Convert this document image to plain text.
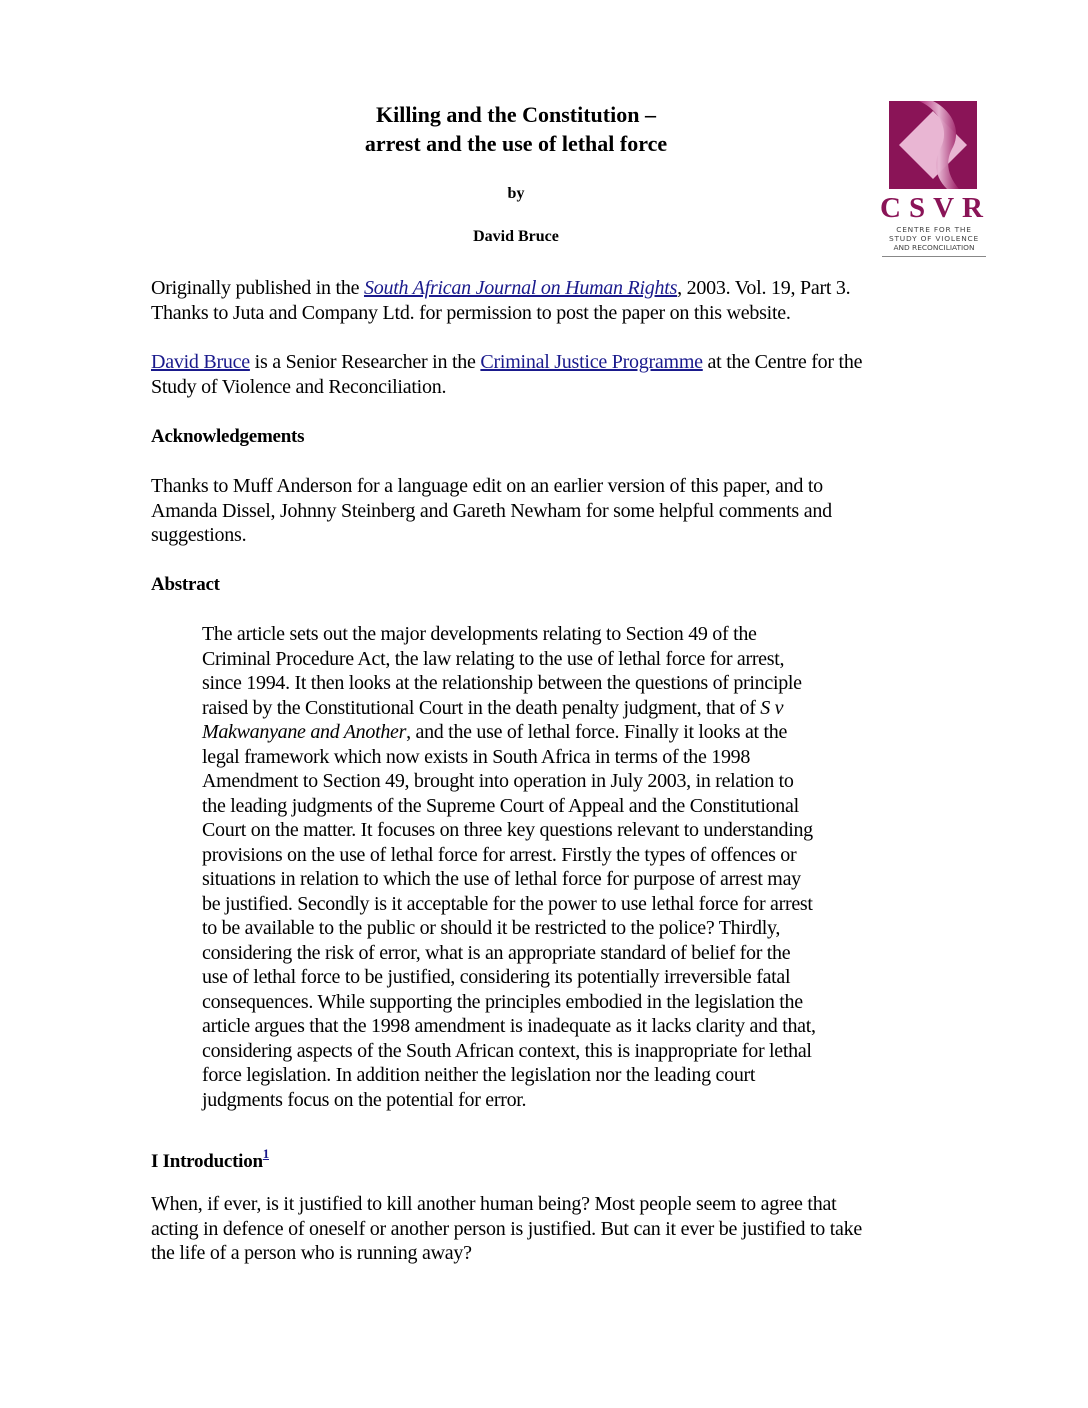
Killing and the Constitution –

arrest and the use of lethal force

by
David Bruce
CSVR
CENTRE FOR THE
STUDY OF VIOLENCE
AND RECONCILIATION

Originally published in the South African Journal on Human Rights, 2003. Vol. 19, Part 3.

Thanks to Juta and Company Ltd. for permission to post the paper on this website.

David Bruce is a Senior Researcher in the Criminal Justice Programme at the Centre for the

Study of Violence and Reconciliation.

Acknowledgements
Thanks to Muff Anderson for a language edit on an earlier version of this paper, and to
Amanda Dissel, Johnny Steinberg and Gareth Newham for some helpful comments and
suggestions.
Abstract
The article sets out the major developments relating to Section 49 of the
Criminal Procedure Act, the law relating to the use of lethal force for arrest,
since 1994. It then looks at the relationship between the questions of principle
raised by the Constitutional Court in the death penalty judgment, that of S v
Makwanyane and Another, and the use of lethal force. Finally it looks at the
legal framework which now exists in South Africa in terms of the 1998
Amendment to Section 49, brought into operation in July 2003, in relation to
the leading judgments of the Supreme Court of Appeal and the Constitutional
Court on the matter. It focuses on three key questions relevant to understanding
provisions on the use of lethal force for arrest. Firstly the types of offences or
situations in relation to which the use of lethal force for purpose of arrest may
be justified. Secondly is it acceptable for the power to use lethal force for arrest
to be available to the public or should it be restricted to the police? Thirdly,
considering the risk of error, what is an appropriate standard of belief for the
use of lethal force to be justified, considering its potentially irreversible fatal
consequences. While supporting the principles embodied in the legislation the
article argues that the 1998 amendment is inadequate as it lacks clarity and that,
considering aspects of the South African context, this is inappropriate for lethal
force legislation. In addition neither the legislation nor the leading court
judgments focus on the potential for error.
I Introduction$^1$
When, if ever, is it justified to kill another human being? Most people seem to agree that
acting in defence of oneself or another person is justified. But can it ever be justified to take
the life of a person who is running away?
